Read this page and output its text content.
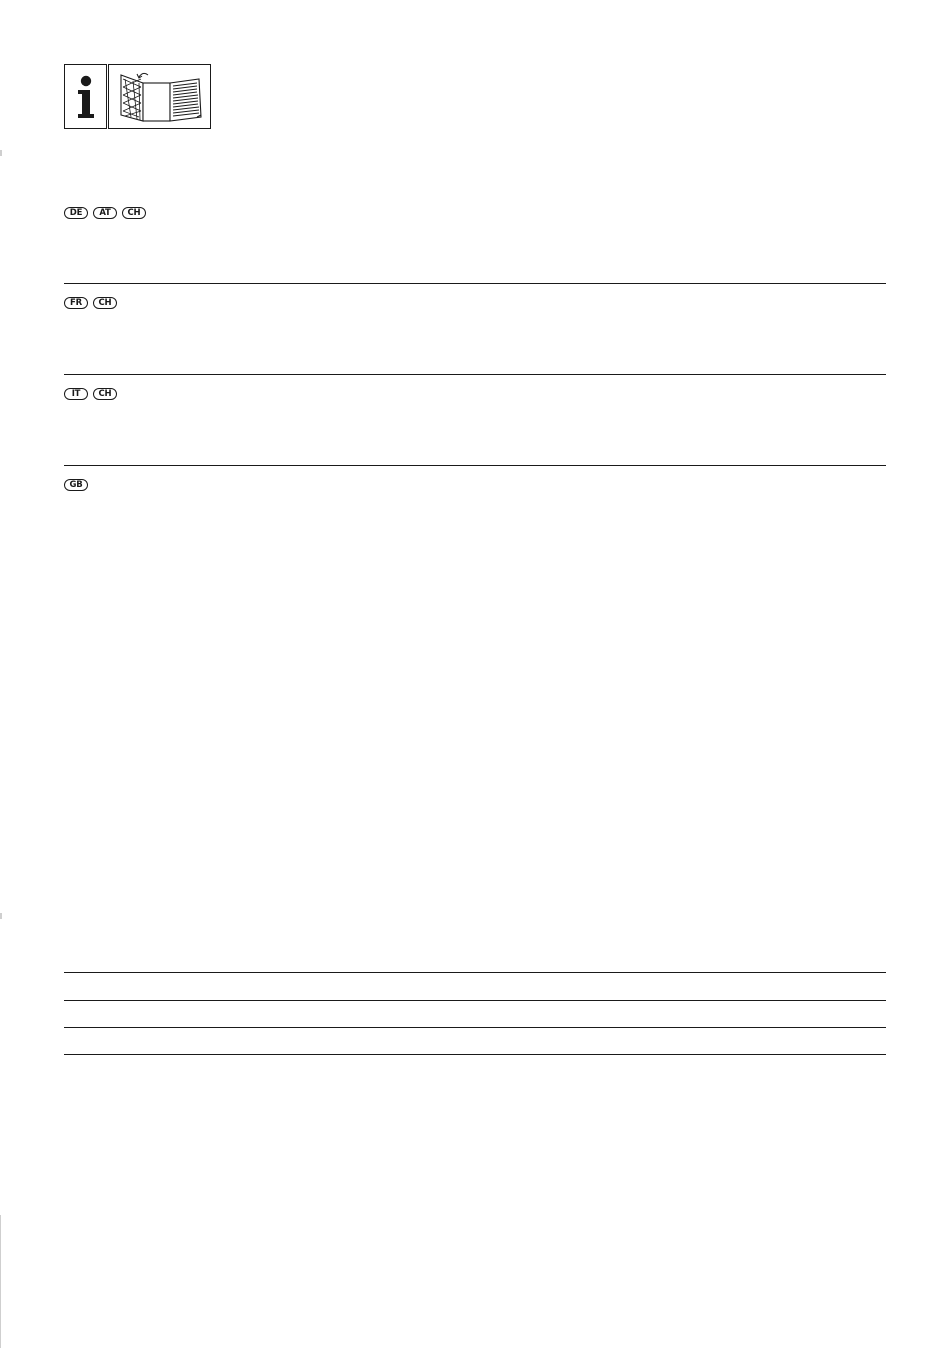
DE	AT	CH
FR	CH
IT	CH
GB
